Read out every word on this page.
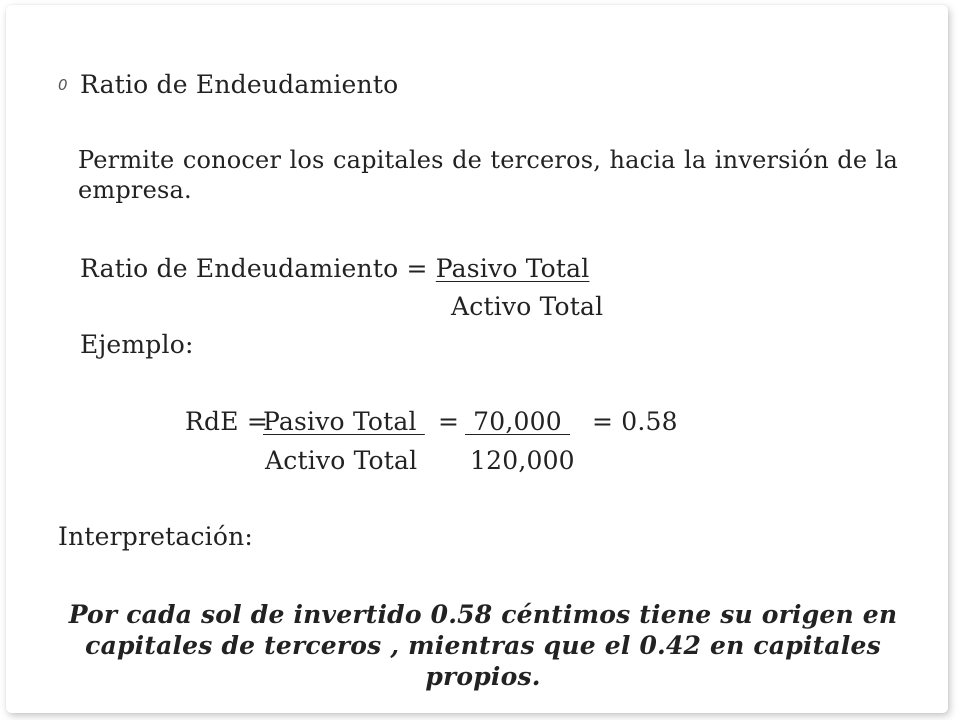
0 Ratio de Endeudamiento
Permite conocer los capitales de terceros, hacia la inversión de la empresa.
Ratio de Endeudamiento = Pasivo Total
Activo Total
Ejemplo:
RdE =
Pasivo Total = 70,000 = 0.58
Activo Total 120,000
Interpretación:
Por cada sol de invertido 0.58 céntimos tiene su origen en capitales de terceros , mientras que el 0.42 en capitales propios.
